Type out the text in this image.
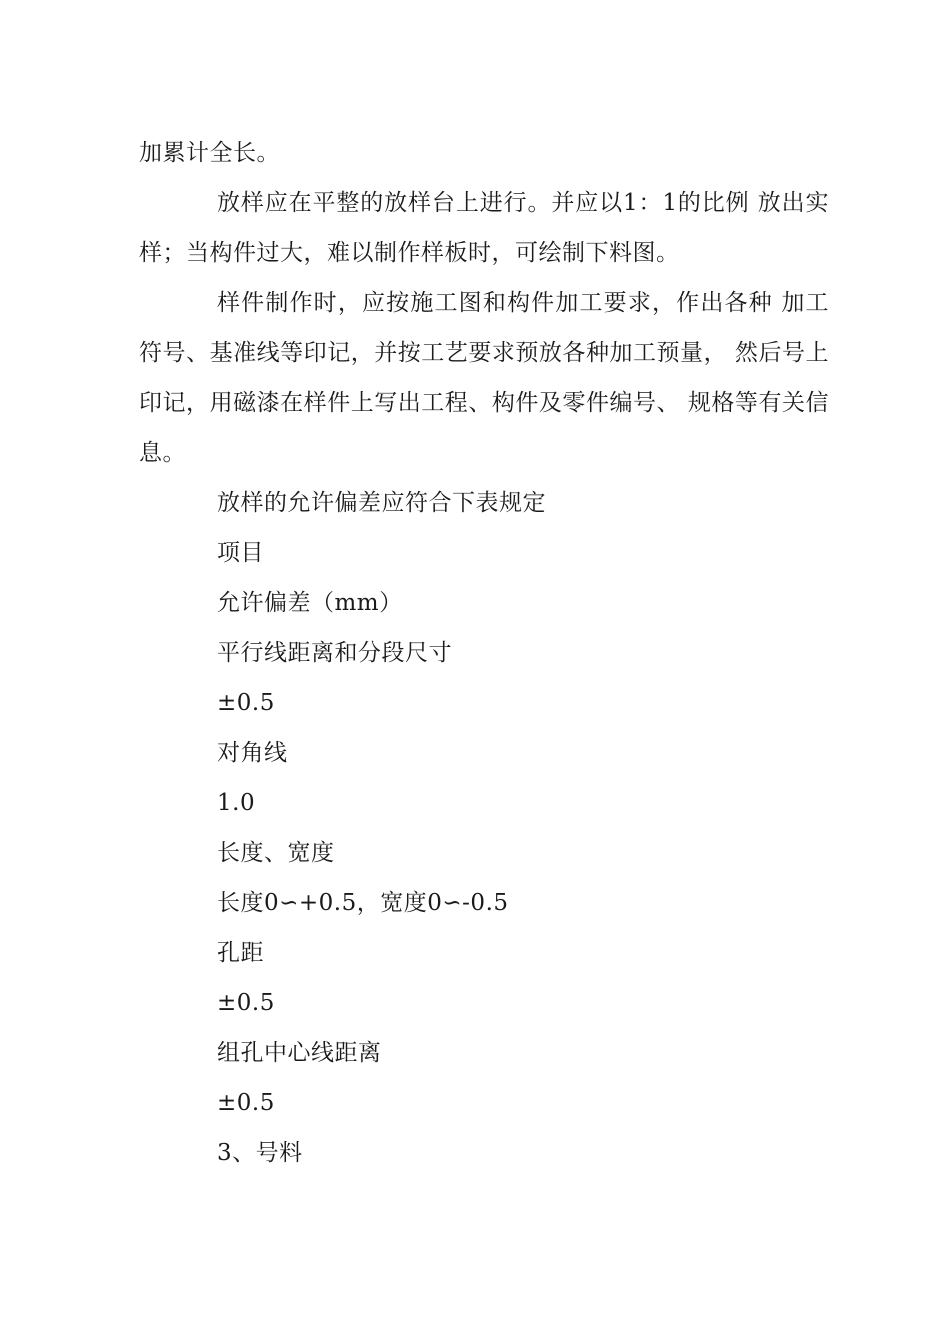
加累计全长。

放样应在平整的放样台上进行。并应以1：1的比例 放出实样；当构件过大，难以制作样板时，可绘制下料图。

样件制作时，应按施工图和构件加工要求，作出各种 加工符号、基准线等印记，并按工艺要求预放各种加工预量， 然后号上印记，用磁漆在样件上写出工程、构件及零件编号、 规格等有关信息。

放样的允许偏差应符合下表规定

项目

允许偏差（mm）

平行线距离和分段尺寸

±0.5

对角线

1.0

长度、宽度

长度0∽+0.5，宽度0∽-0.5

孔距

±0.5

组孔中心线距离

±0.5

3、号料
